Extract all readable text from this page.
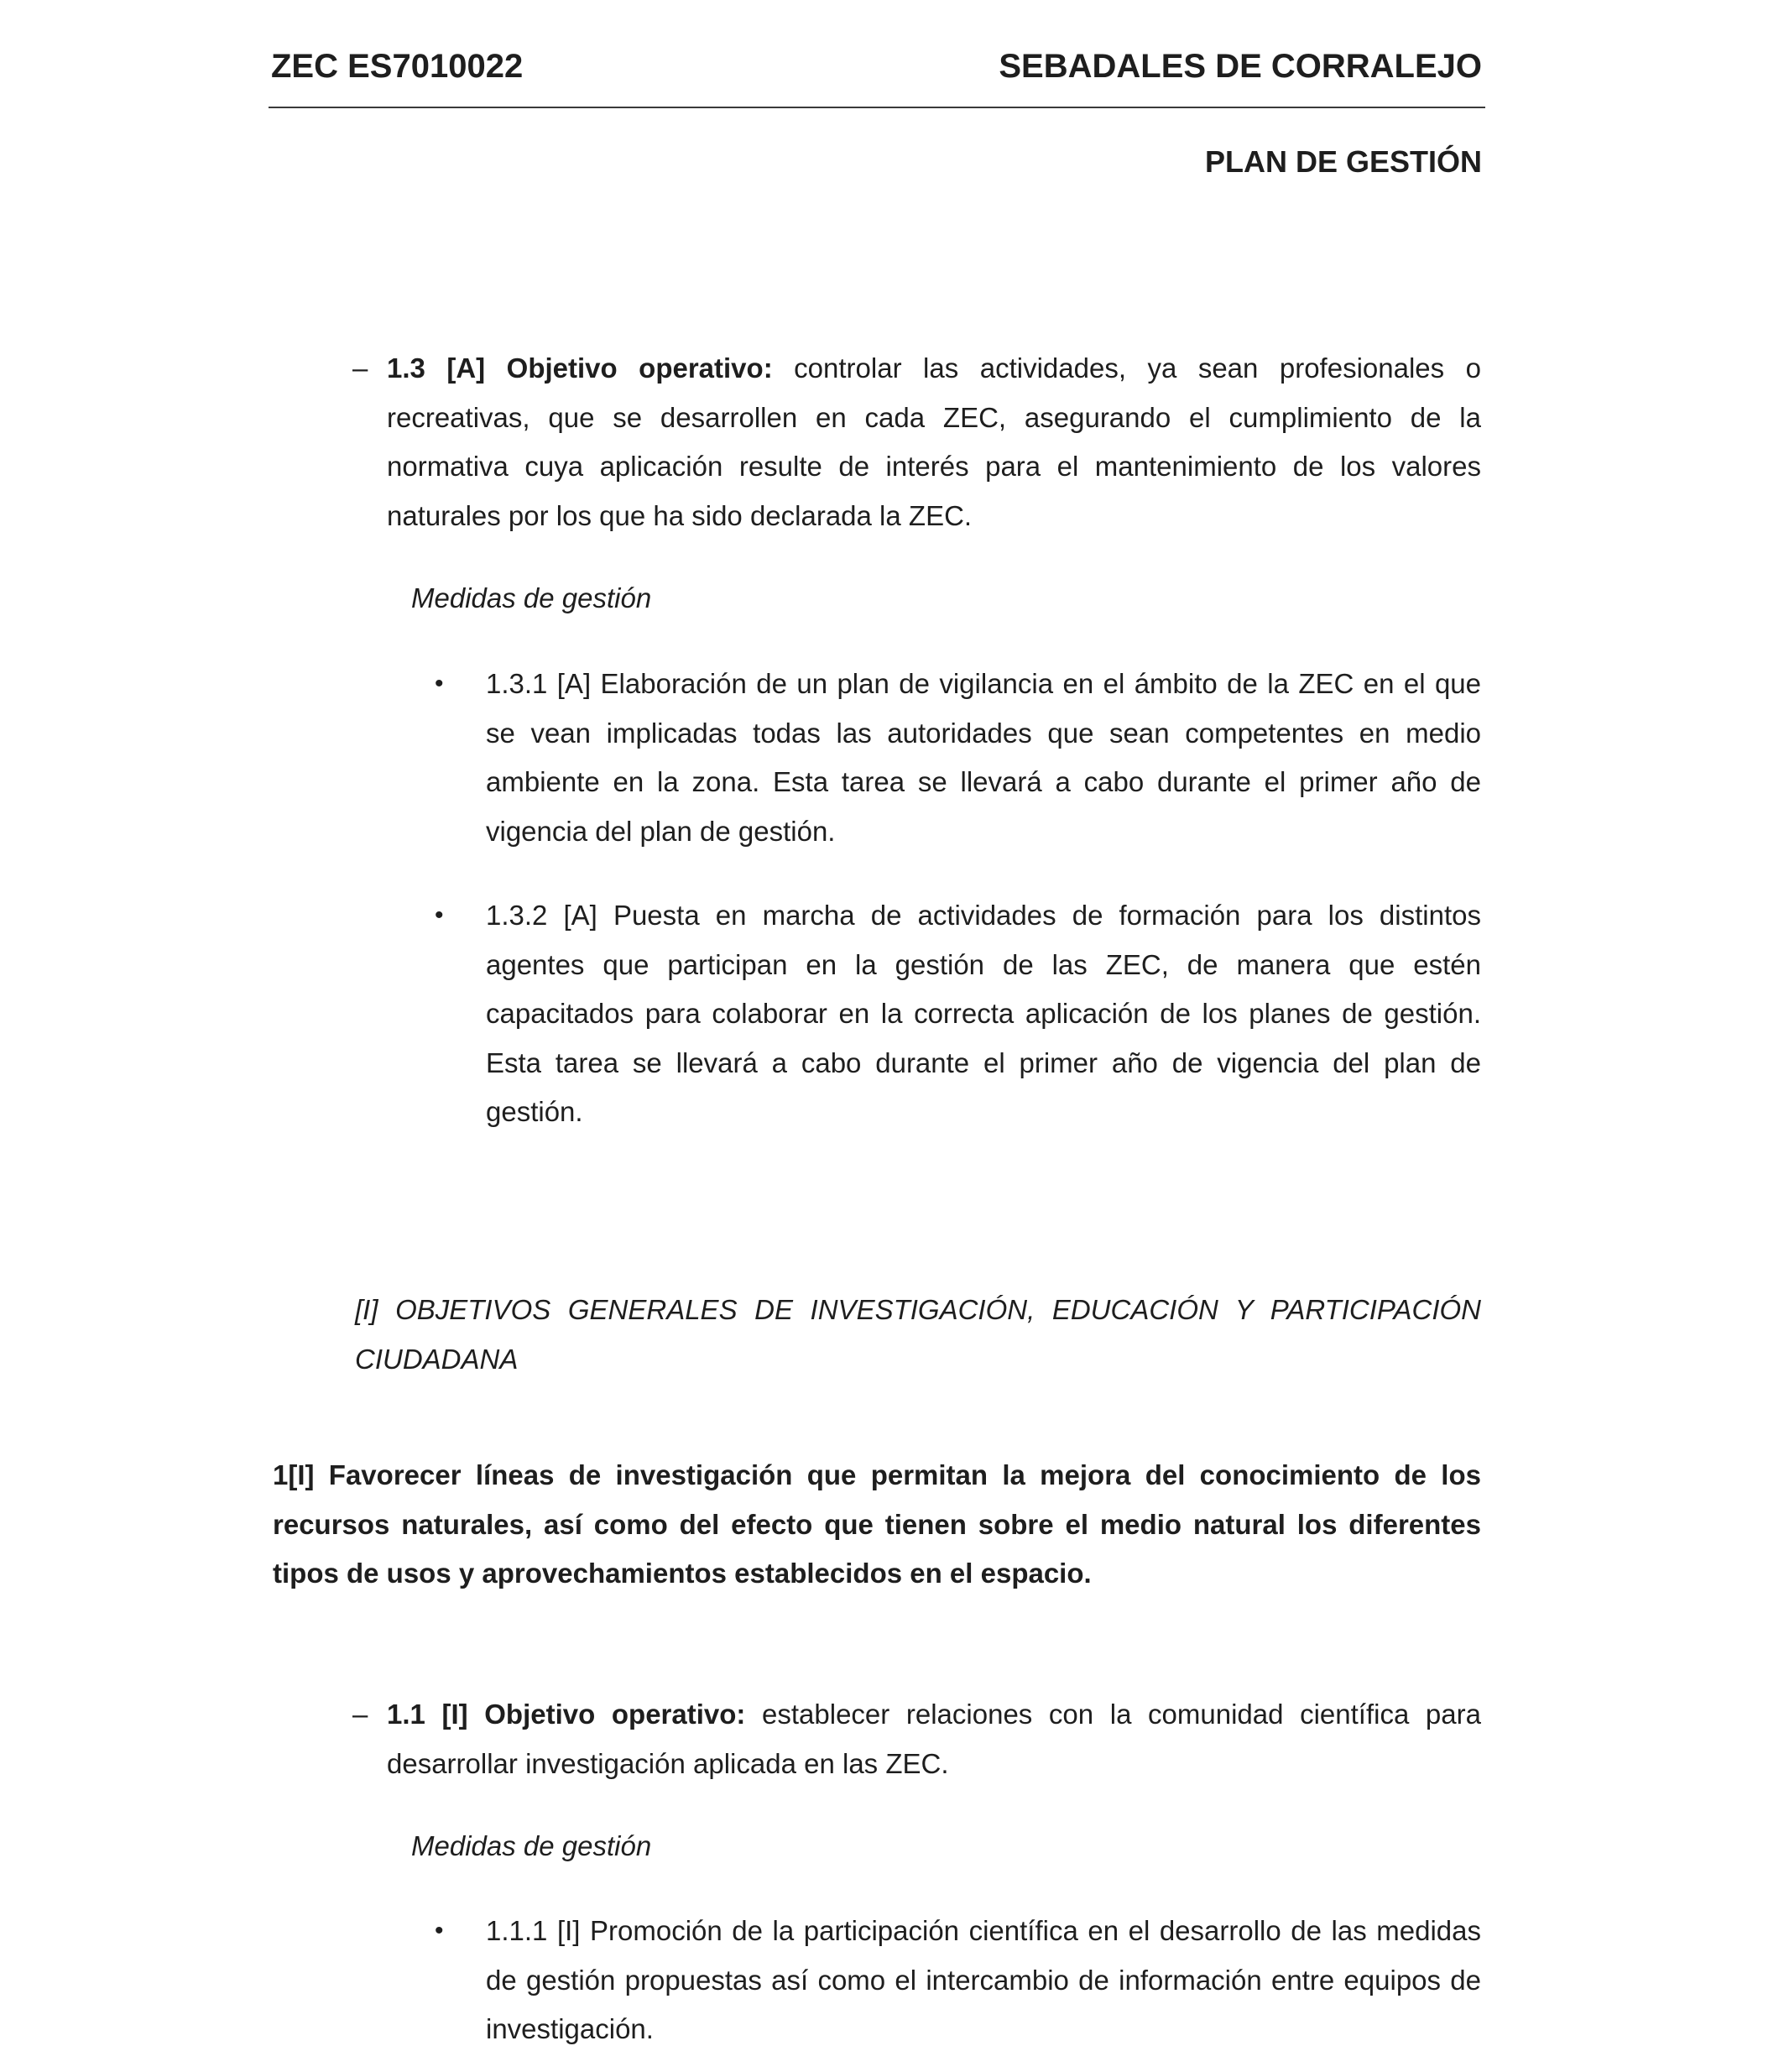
ZEC ES7010022	SEBADALES DE CORRALEJO
PLAN DE GESTIÓN
– 1.3 [A] Objetivo operativo: controlar las actividades, ya sean profesionales o recreativas, que se desarrollen en cada ZEC, asegurando el cumplimiento de la normativa cuya aplicación resulte de interés para el mantenimiento de los valores naturales por los que ha sido declarada la ZEC.
Medidas de gestión
• 1.3.1 [A] Elaboración de un plan de vigilancia en el ámbito de la ZEC en el que se vean implicadas todas las autoridades que sean competentes en medio ambiente en la zona. Esta tarea se llevará a cabo durante el primer año de vigencia del plan de gestión.
• 1.3.2 [A] Puesta en marcha de actividades de formación para los distintos agentes que participan en la gestión de las ZEC, de manera que estén capacitados para colaborar en la correcta aplicación de los planes de gestión. Esta tarea se llevará a cabo durante el primer año de vigencia del plan de gestión.
[I] OBJETIVOS GENERALES DE INVESTIGACIÓN, EDUCACIÓN Y PARTICIPACIÓN CIUDADANA
1[I] Favorecer líneas de investigación que permitan la mejora del conocimiento de los recursos naturales, así como del efecto que tienen sobre el medio natural los diferentes tipos de usos y aprovechamientos establecidos en el espacio.
– 1.1 [I] Objetivo operativo: establecer relaciones con la comunidad científica para desarrollar investigación aplicada en las ZEC.
Medidas de gestión
• 1.1.1 [I] Promoción de la participación científica en el desarrollo de las medidas de gestión propuestas así como el intercambio de información entre equipos de investigación.
